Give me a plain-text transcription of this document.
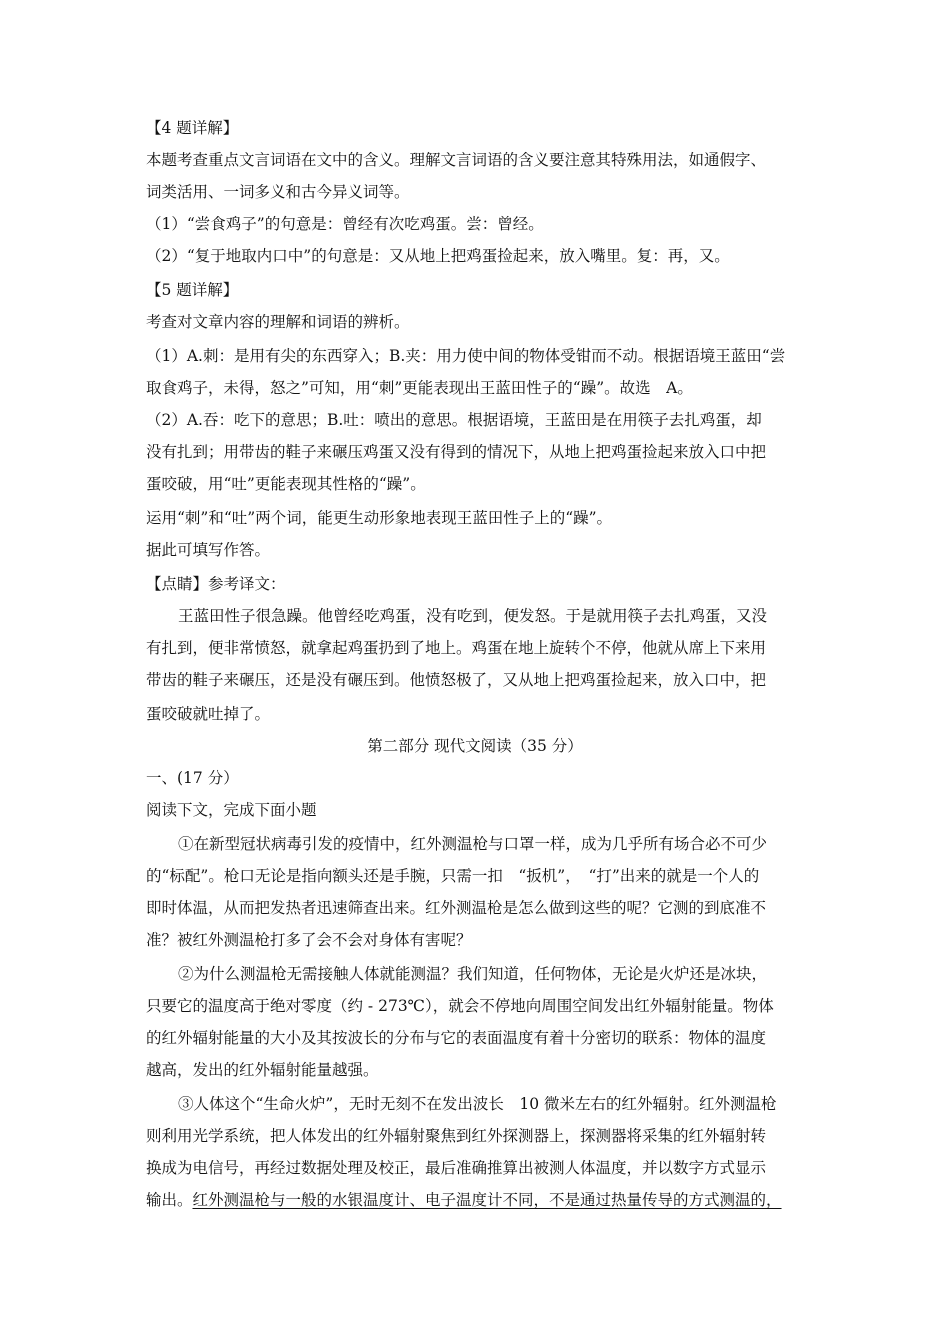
【4 题详解】
本题考查重点文言词语在文中的含义。理解文言词语的含义要注意其特殊用法，如通假字、
词类活用、一词多义和古今异义词等。
（1）“尝食鸡子”的句意是：曾经有次吃鸡蛋。尝：曾经。
（2）“复于地取内口中”的句意是：又从地上把鸡蛋捡起来，放入嘴里。复：再，又。
【5 题详解】
考查对文章内容的理解和词语的辨析。
（1）A.刺：是用有尖的东西穿入；B.夹：用力使中间的物体受钳而不动。根据语境王蓝田“尝
取食鸡子，未得，怒之”可知，用“刺”更能表现出王蓝田性子的“躁”。故选　A。
（2）A.吞：吃下的意思；B.吐：喷出的意思。根据语境，王蓝田是在用筷子去扎鸡蛋，却
没有扎到；用带齿的鞋子来碾压鸡蛋又没有得到的情况下，从地上把鸡蛋捡起来放入口中把
蛋咬破，用“吐”更能表现其性格的“躁”。
运用“刺”和“吐”两个词，能更生动形象地表现王蓝田性子上的“躁”。
据此可填写作答。
【点睛】参考译文：
王蓝田性子很急躁。他曾经吃鸡蛋，没有吃到，便发怒。于是就用筷子去扎鸡蛋，又没
有扎到，便非常愤怒，就拿起鸡蛋扔到了地上。鸡蛋在地上旋转个不停，他就从席上下来用
带齿的鞋子来碾压，还是没有碾压到。他愤怒极了，又从地上把鸡蛋捡起来，放入口中，把
蛋咬破就吐掉了。
第二部分 现代文阅读（35 分）
一、(17 分）
阅读下文，完成下面小题
①在新型冠状病毒引发的疫情中，红外测温枪与口罩一样，成为几乎所有场合必不可少
的“标配”。枪口无论是指向额头还是手腕，只需一扣　“扳机”，　“打”出来的就是一个人的
即时体温，从而把发热者迅速筛查出来。红外测温枪是怎么做到这些的呢？它测的到底准不
准？被红外测温枪打多了会不会对身体有害呢？
②为什么测温枪无需接触人体就能测温？我们知道，任何物体，无论是火炉还是冰块，
只要它的温度高于绝对零度（约 - 273℃），就会不停地向周围空间发出红外辐射能量。物体
的红外辐射能量的大小及其按波长的分布与它的表面温度有着十分密切的联系：物体的温度
越高，发出的红外辐射能量越强。
③人体这个“生命火炉”，无时无刻不在发出波长　10 微米左右的红外辐射。红外测温枪
则利用光学系统，把人体发出的红外辐射聚焦到红外探测器上，探测器将采集的红外辐射转
换成为电信号，再经过数据处理及校正，最后准确推算出被测人体温度，并以数字方式显示
输出。红外测温枪与一般的水银温度计、电子温度计不同，不是通过热量传导的方式测温的，
